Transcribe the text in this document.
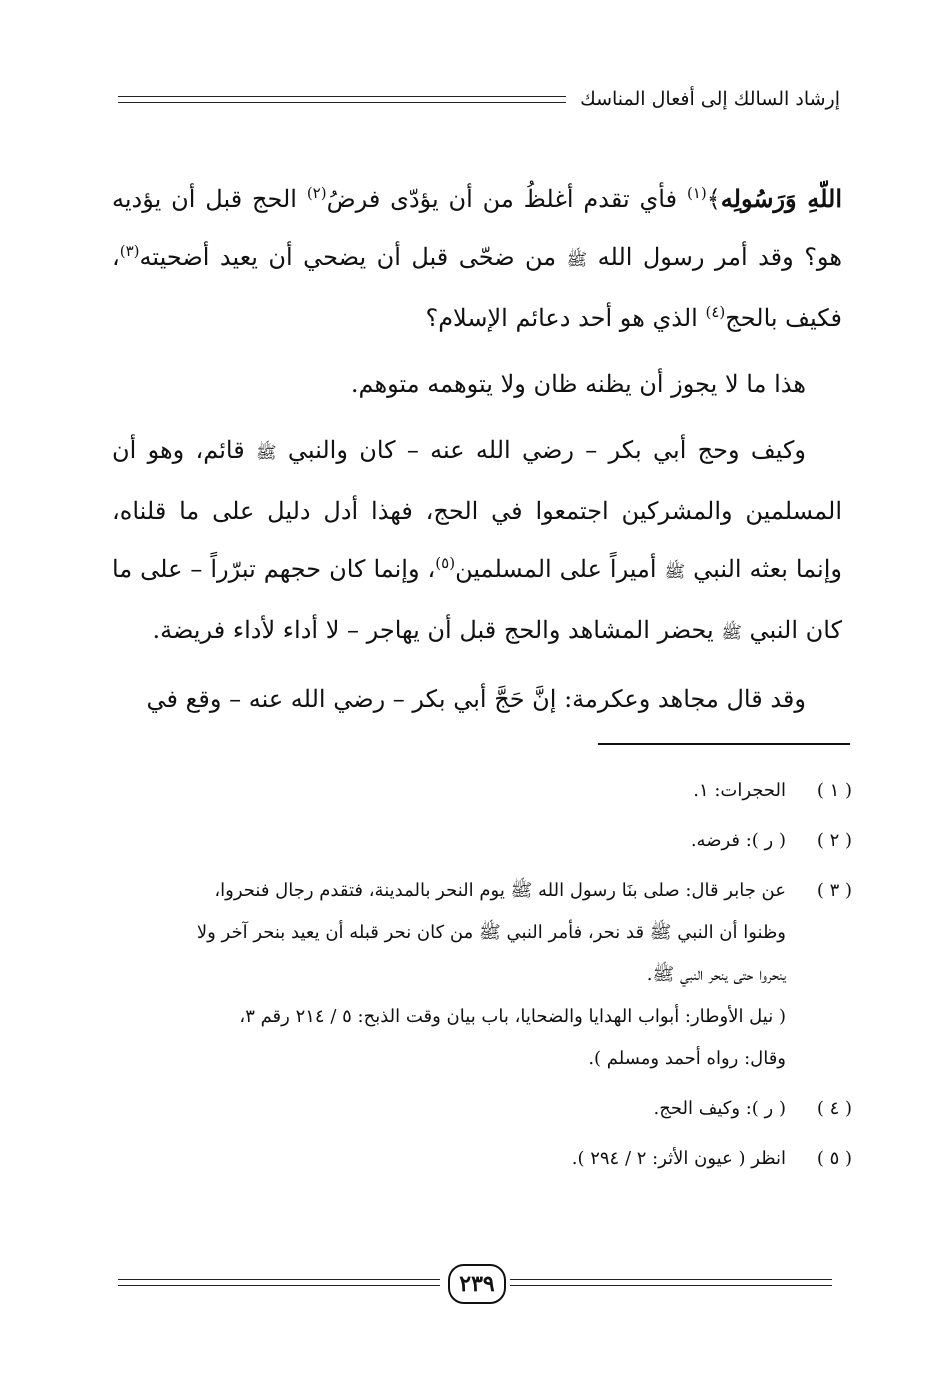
إرشاد السالك إلى أفعال المناسك

اللّهِ وَرَسُولِه﴾$^{(١)}$ فأي تقدم أغلظُ من أن يؤدّى فرضُ$^{(٢)}$ الحج قبل أن يؤديه هو؟ وقد أمر رسول الله ﷺ من ضحّى قبل أن يضحي أن يعيد أضحيته$^{(٣)}$، فكيف بالحج$^{(٤)}$ الذي هو أحد دعائم الإسلام؟

هذا ما لا يجوز أن يظنه ظان ولا يتوهمه متوهم.

وكيف وحج أبي بكر – رضي الله عنه – كان والنبي ﷺ قائم، وهو أن المسلمين والمشركين اجتمعوا في الحج، فهذا أدل دليل على ما قلناه، وإنما بعثه النبي ﷺ أميراً على المسلمين$^{(٥)}$، وإنما كان حجهم تبرّراً – على ما كان النبي ﷺ يحضر المشاهد والحج قبل أن يهاجر – لا أداء لأداء فريضة.

وقد قال مجاهد وعكرمة: إنَّ حَجَّ أبي بكر – رضي الله عنه – وقع في

( ١ )
الحجرات: ١.
( ٢ )
( ر ): فرضه.
( ٣ )
عن جابر قال: صلى بنَا رسول الله ﷺ يوم النحر بالمدينة، فتقدم رجال فنحروا،
وظنوا أن النبي ﷺ قد نحر، فأمر النبي ﷺ من كان نحر قبله أن يعيد بنحر آخر ولا
ينحروا حتى ينحر النبي ﷺ.
( نيل الأوطار: أبواب الهدايا والضحايا، باب بيان وقت الذبح: ٥ / ٢١٤ رقم ٣،
وقال: رواه أحمد ومسلم ).
( ٤ )
( ر ): وكيف الحج.
( ٥ )
انظر ( عيون الأثر: ٢ / ٢٩٤ ).
٢٣٩
